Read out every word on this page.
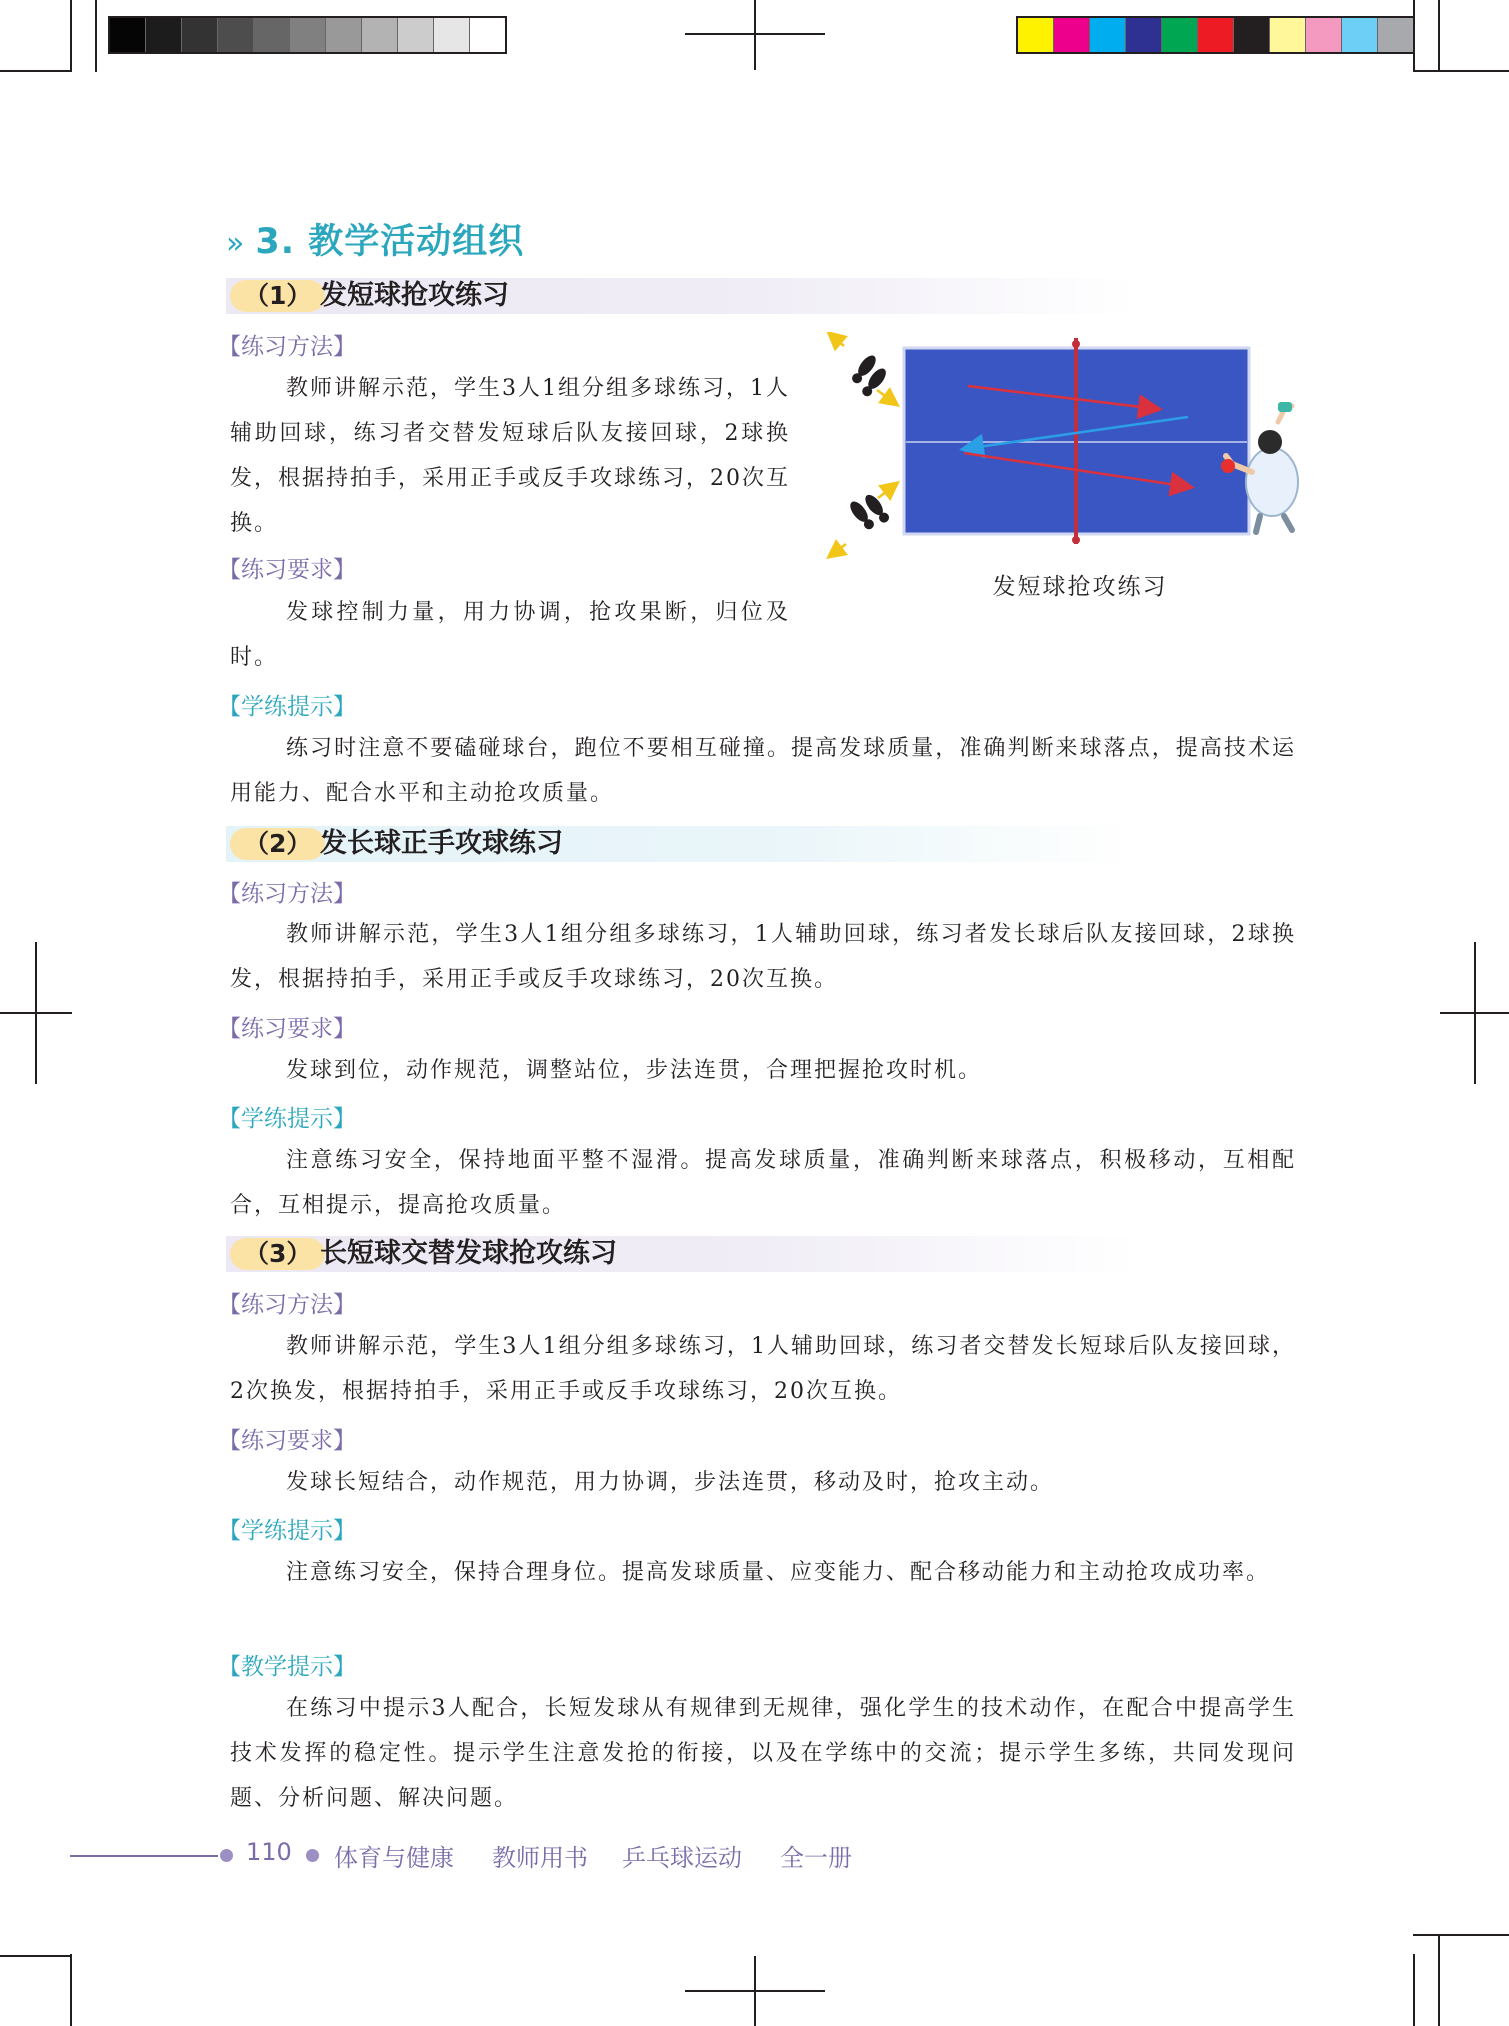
» 3. 教学活动组织
（1） 发短球抢攻练习
【练习方法】

教师讲解示范，学生3人1组分组多球练习，1人辅助回球，练习者交替发短球后队友接回球，2球换发，根据持拍手，采用正手或反手攻球练习，20次互换。

【练习要求】

发球控制力量，用力协调，抢攻果断，归位及时。

【学练提示】

练习时注意不要磕碰球台，跑位不要相互碰撞。提高发球质量，准确判断来球落点，提高技术运用能力、配合水平和主动抢攻质量。

发短球抢攻练习
（2） 发长球正手攻球练习
【练习方法】

教师讲解示范，学生3人1组分组多球练习，1人辅助回球，练习者发长球后队友接回球，2球换发，根据持拍手，采用正手或反手攻球练习，20次互换。

【练习要求】

发球到位，动作规范，调整站位，步法连贯，合理把握抢攻时机。

【学练提示】

注意练习安全，保持地面平整不湿滑。提高发球质量，准确判断来球落点，积极移动，互相配合，互相提示，提高抢攻质量。

（3） 长短球交替发球抢攻练习
【练习方法】

教师讲解示范，学生3人1组分组多球练习，1人辅助回球，练习者交替发长短球后队友接回球，2次换发，根据持拍手，采用正手或反手攻球练习，20次互换。

【练习要求】

发球长短结合，动作规范，用力协调，步法连贯，移动及时，抢攻主动。

【学练提示】

注意练习安全，保持合理身位。提高发球质量、应变能力、配合移动能力和主动抢攻成功率。

【教学提示】

在练习中提示3人配合，长短发球从有规律到无规律，强化学生的技术动作，在配合中提高学生技术发挥的稳定性。提示学生注意发抢的衔接，以及在学练中的交流；提示学生多练，共同发现问题、分析问题、解决问题。

110 体育与健康 教师用书 乒乓球运动 全一册
